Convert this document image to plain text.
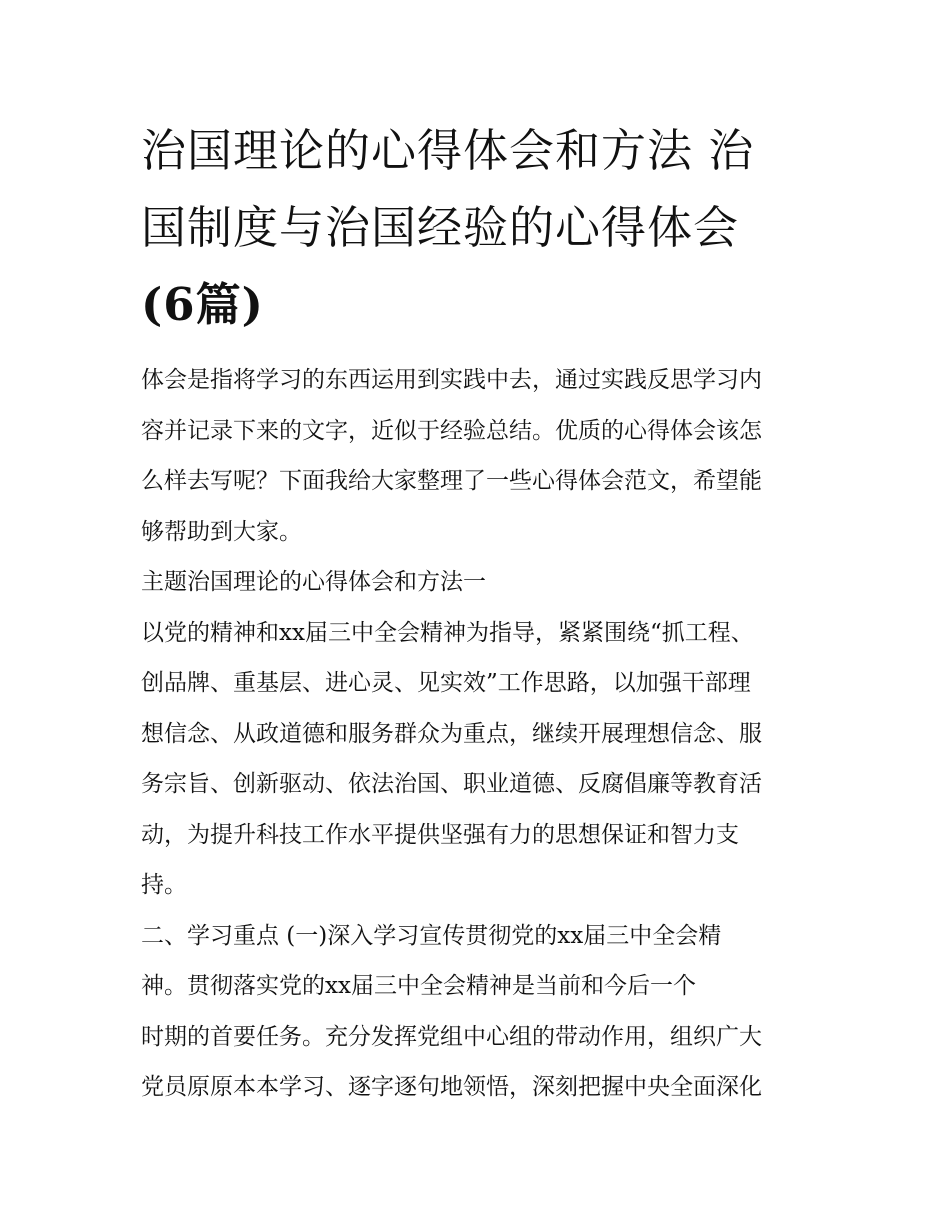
治国理论的心得体会和方法 治
国制度与治国经验的心得体会
(6篇)
体会是指将学习的东西运用到实践中去，通过实践反思学习内
容并记录下来的文字，近似于经验总结。优质的心得体会该怎
么样去写呢？下面我给大家整理了一些心得体会范文，希望能
够帮助到大家。
主题治国理论的心得体会和方法一
以党的精神和xx届三中全会精神为指导，紧紧围绕“抓工程、
创品牌、重基层、进心灵、见实效”工作思路，以加强干部理
想信念、从政道德和服务群众为重点，继续开展理想信念、服
务宗旨、创新驱动、依法治国、职业道德、反腐倡廉等教育活
动，为提升科技工作水平提供坚强有力的思想保证和智力支
持。
二、学习重点 (一)深入学习宣传贯彻党的xx届三中全会精
神。贯彻落实党的xx届三中全会精神是当前和今后一个
时期的首要任务。充分发挥党组中心组的带动作用，组织广大
党员原原本本学习、逐字逐句地领悟，深刻把握中央全面深化
